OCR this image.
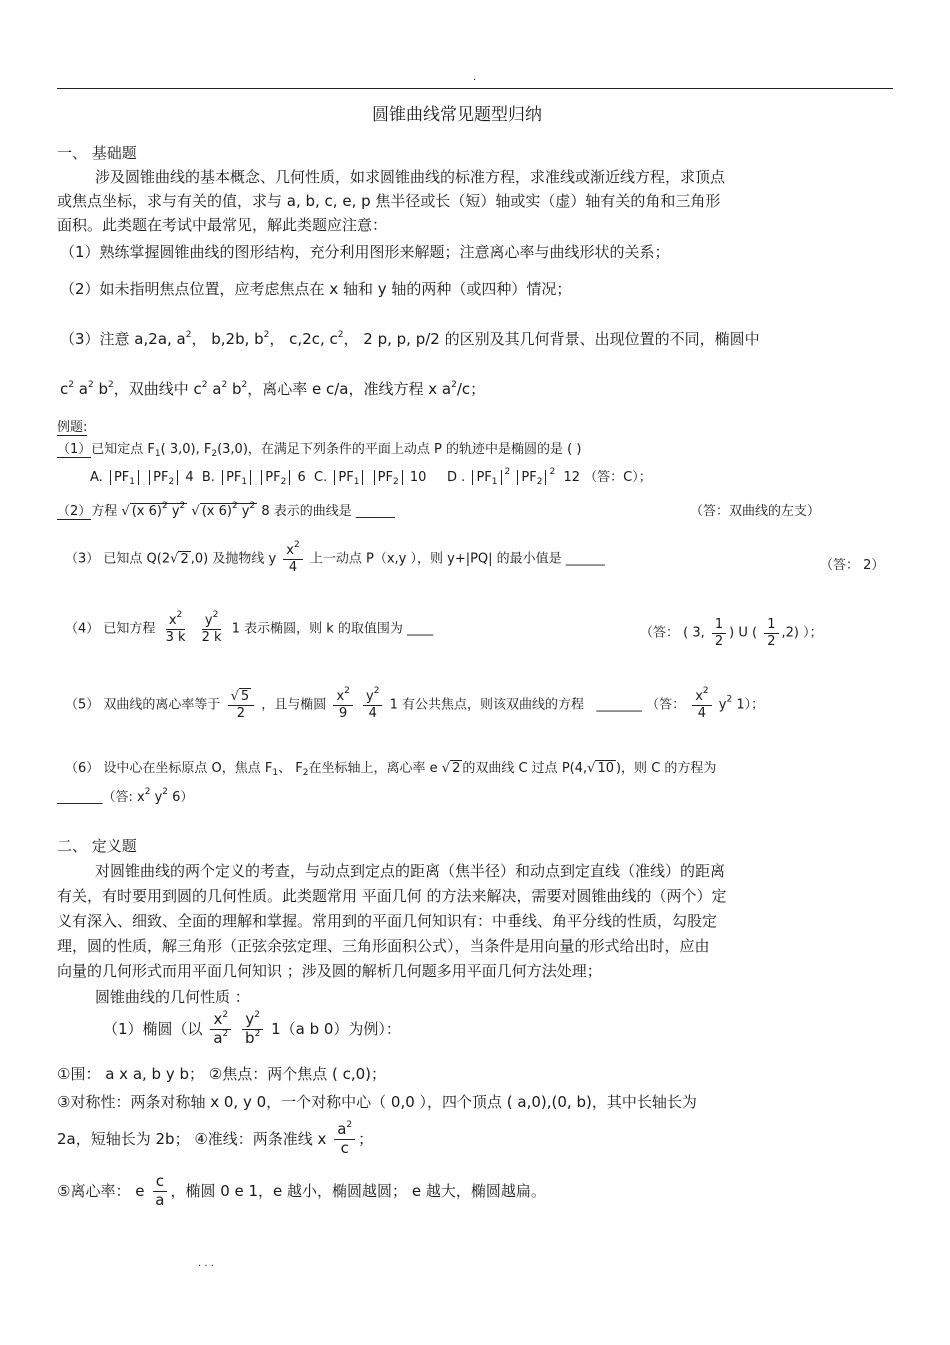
.
圆锥曲线常见题型归纳
一、 基础题
涉及圆锥曲线的基本概念、几何性质，如求圆锥曲线的标准方程，求准线或渐近线方程，求顶点
或焦点坐标，求与有关的值，求与 a, b, c, e, p 焦半径或长（短）轴或实（虚）轴有关的角和三角形
面积。此类题在考试中最常见，解此类题应注意：
（1）熟练掌握圆锥曲线的图形结构，充分利用图形来解题；注意离心率与曲线形状的关系；
（2）如未指明焦点位置，应考虑焦点在 x 轴和 y 轴的两种（或四种）情况；
（3）注意 a,2a, $a^2$， b,2b, $b^2$， c,2c, $c^2$， 2 p, p, p/2 的区别及其几何背景、出现位置的不同，椭圆中
$c^2$ $a^2$ $b^2$，双曲线中 $c^2$ $a^2$ $b^2$，离心率 e c/a，准线方程 x $a^2/c$；
例题:
（1）已知定点 $F_1$( 3,0), $F_2(3,0)$，在满足下列条件的平面上动点 P 的轨迹中是椭圆的是 ( )
A. $PF_1$ $PF_2$ 4 B. $PF_1$ $PF_2$ 6 C. $PF_1$ $PF_2$ 10 D . $PF_1^2$ $PF_2^2$ 12 （答：C）；
（2）方程 √ (x 6)$^2$ $y^2$ √ (x 6)$^2$ $y^2$ 8 表示的曲线是 ______	（答：双曲线的左支）
（3） 已知点 Q(2√ 2 ,0) 及抛物线 y $\frac{x^2}{4}$ 上一动点 P（x,y ），则 y+|PQ| 的最小值是 ______	（答： 2）
（4） 已知方程 $\frac{x^2}{3 k}$
$\frac{y^2}{2 k} 1$ 表示椭圆，则 k 的取值围为 ____	（答： ( 3, $\frac{1}{2}$ ) U ( $\frac{1}{2} ,2$) ）；
（5） 双曲线的离心率等于 $\frac{√ 5}{2}$ ，且与椭圆 $\frac{x^2}{9}$
$\frac{y^2}{4} 1$ 有公共焦点，则该双曲线的方程 _______ （答： $\frac{x^2}{4} y^2$ 1）；
（6） 设中心在坐标原点 O，焦点 $F_1$、 $F_2$在坐标轴上，离心率 e √ 2 的双曲线 C 过点 P(4,√ 10 )，则 C 的方程为
_______（答: $x^2$ $y^2$ 6）
二、 定义题
对圆锥曲线的两个定义的考查，与动点到定点的距离（焦半径）和动点到定直线（准线）的距离
有关，有时要用到圆的几何性质。此类题常用 平面几何 的方法来解决，需要对圆锥曲线的（两个）定
义有深入、细致、全面的理解和掌握。常用到的平面几何知识有：中垂线、角平分线的性质，勾股定
理，圆的性质，解三角形（正弦余弦定理、三角形面积公式），当条件是用向量的形式给出时，应由
向量的几何形式而用平面几何知识 ；涉及圆的解析几何题多用平面几何方法处理；
圆锥曲线的几何性质 ：
（1）椭圆（以 $\frac{x^2}{a^2}$
$\frac{y^2}{b^2} 1(a$ b 0）为例）：
①围： a x a, b y b； ②焦点：两个焦点 ( c,0)；
③对称性：两条对称轴 x 0, y 0，一个对称中心（ 0,0 ），四个顶点 ( a,0),(0, b)，其中长轴长为
2a，短轴长为 2b； ④准线：两条准线 x $\frac{a^2}{c}$ ；
⑤离心率： e $\frac{c}{a}$ ，椭圆 0 e 1，e 越小，椭圆越圆； e 越大，椭圆越扁。
. . .
